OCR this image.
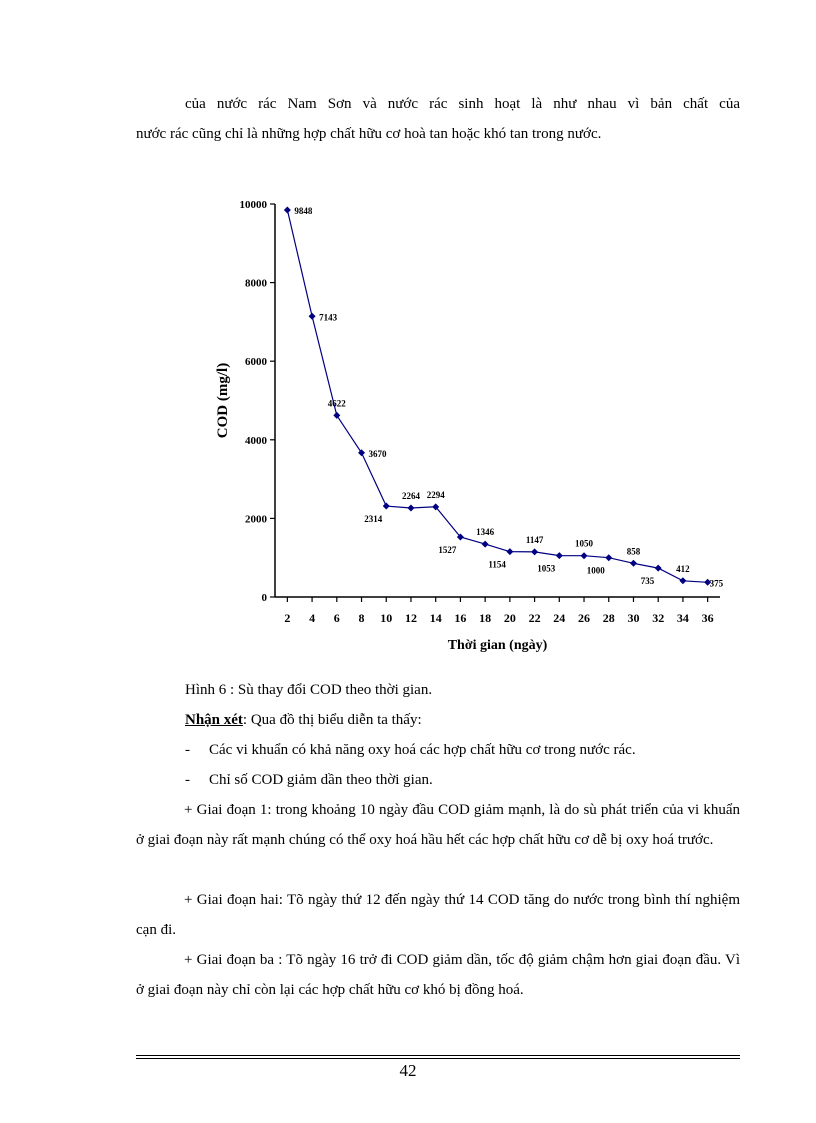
của nước rác Nam Sơn và nước rác sinh hoạt là như nhau vì bản chất của

nước rác cũng chỉ là những hợp chất hữu cơ hoà tan hoặc khó tan trong nước.

0
2000
4000
6000
8000
10000
2 4 6 8 10 12 14 16 18 20 22 24 26 28 30 32 34 36
COD (mg/l)
Thời gian (ngày)
9848
7143
4622
3670
2314
2264 2294
1527
1346
1154
1147
1053
1050
1000
858
735
412
375

Hình 6 : Sù thay đổi COD theo thời gian.

Nhận xét: Qua đồ thị biểu diễn ta thấy:

- Các vi khuẩn có khả năng oxy hoá các hợp chất hữu cơ trong nước rác.

- Chỉ số COD giảm dần theo thời gian.

+ Giai đoạn 1: trong khoảng 10 ngày đầu COD giảm mạnh, là do sù phát triển của vi khuẩn ở giai đoạn này rất mạnh chúng có thể oxy hoá hầu hết các hợp chất hữu cơ dễ bị oxy hoá trước.

+ Giai đoạn hai: Tõ ngày thứ 12 đến ngày thứ 14 COD tăng do nước trong bình thí nghiệm cạn đi.

+ Giai đoạn ba : Tõ ngày 16 trở đi COD giảm dần, tốc độ giảm chậm hơn giai đoạn đầu. Vì ở giai đoạn này chỉ còn lại các hợp chất hữu cơ khó bị đồng hoá.

42
